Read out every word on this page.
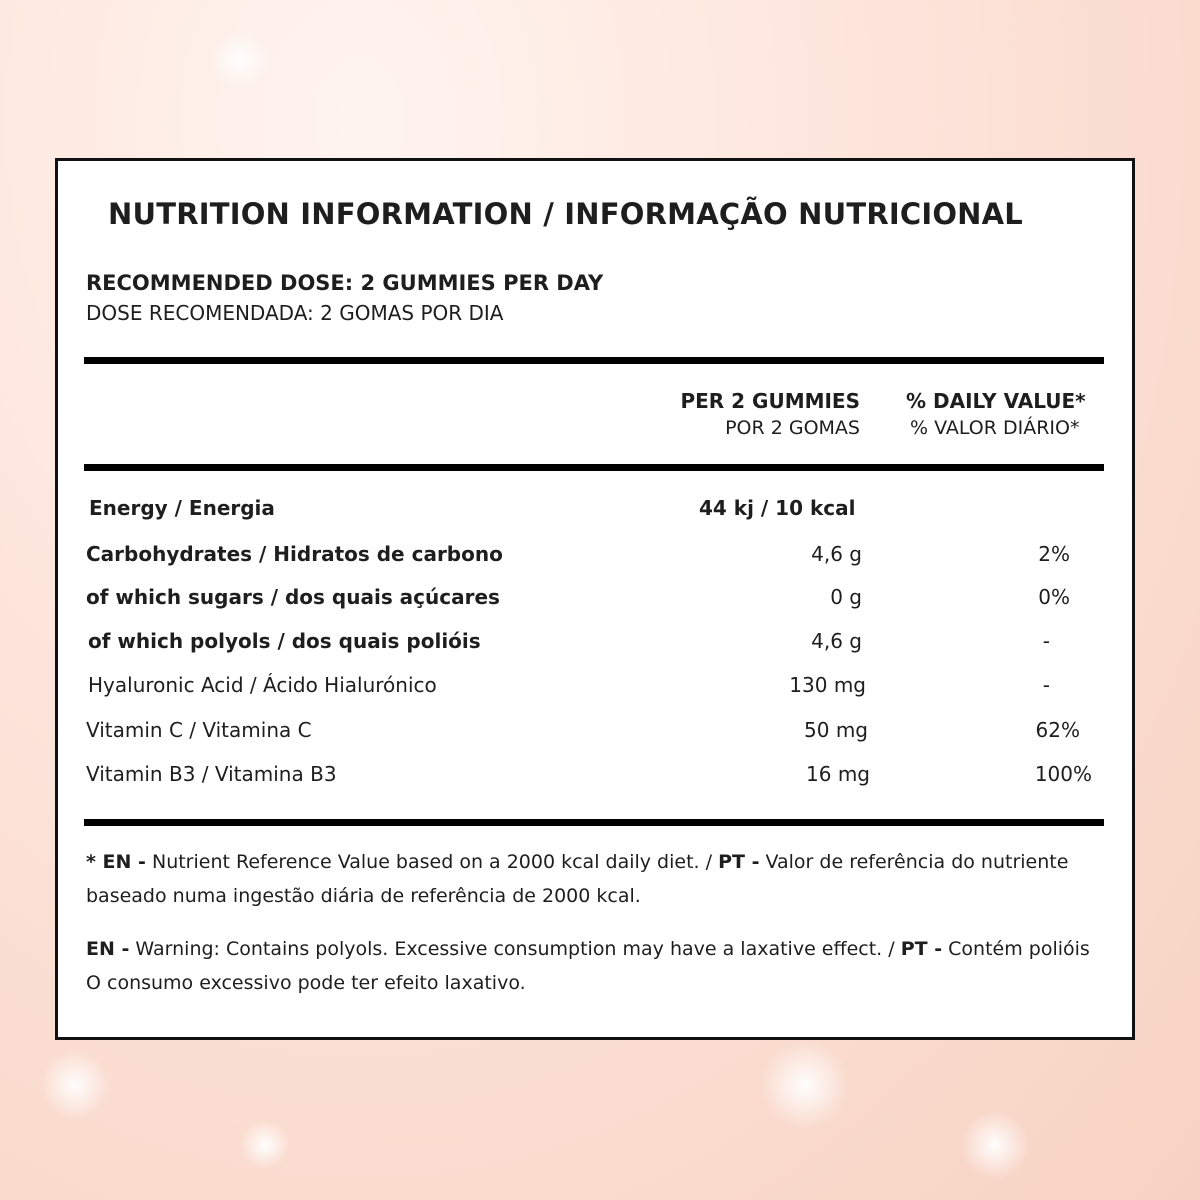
NUTRITION INFORMATION / INFORMAÇÃO NUTRICIONAL
RECOMMENDED DOSE: 2 GUMMIES PER DAY
DOSE RECOMENDADA: 2 GOMAS POR DIA
PER 2 GUMMIES
POR 2 GOMAS
% DAILY VALUE*
% VALOR DIÁRIO*
Energy / Energia	44 kj / 10 kcal
Carbohydrates / Hidratos de carbono	4,6 g	2%
of which sugars / dos quais açúcares	0 g	0%
of which polyols / dos quais polióis	4,6 g	-
Hyaluronic Acid / Ácido Hialurónico	130 mg	-
Vitamin C / Vitamina C	50 mg	62%
Vitamin B3 / Vitamina B3	16 mg	100%
* EN - Nutrient Reference Value based on a 2000 kcal daily diet. / PT - Valor de referência do nutriente
baseado numa ingestão diária de referência de 2000 kcal.
EN - Warning: Contains polyols. Excessive consumption may have a laxative effect. / PT - Contém polióis
O consumo excessivo pode ter efeito laxativo.
